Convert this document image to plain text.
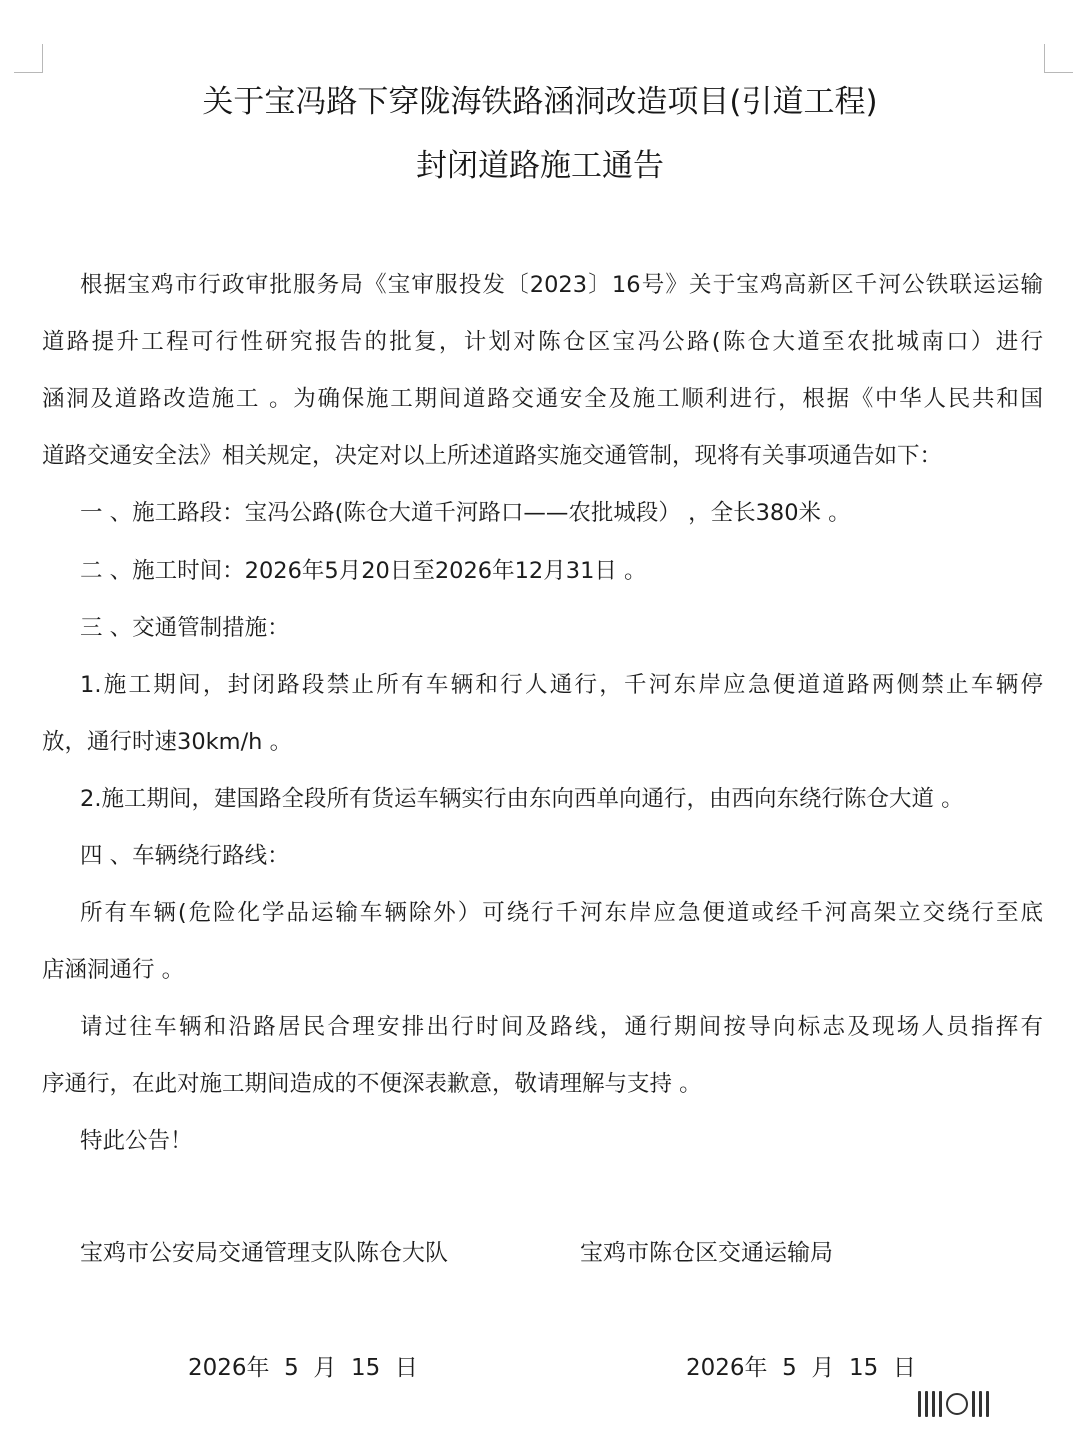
关于宝冯路下穿陇海铁路涵洞改造项目(引道工程)
封闭道路施工通告
根据宝鸡市行政审批服务局《宝审服投发〔2023〕16号》关于宝鸡高新区千河公铁联运运输
道路提升工程可行性研究报告的批复，计划对陈仓区宝冯公路(陈仓大道至农批城南口）进行
涵洞及道路改造施工 。为确保施工期间道路交通安全及施工顺利进行，根据《中华人民共和国
道路交通安全法》相关规定，决定对以上所述道路实施交通管制，现将有关事项通告如下：
一 、施工路段：宝冯公路(陈仓大道千河路口——农批城段） ，全长380米 。
二 、施工时间：2026年5月20日至2026年12月31日 。
三 、交通管制措施：
1.施工期间，封闭路段禁止所有车辆和行人通行，千河东岸应急便道道路两侧禁止车辆停
放，通行时速30km/h 。
2.施工期间，建国路全段所有货运车辆实行由东向西单向通行，由西向东绕行陈仓大道 。
四 、车辆绕行路线：
所有车辆(危险化学品运输车辆除外）可绕行千河东岸应急便道或经千河高架立交绕行至底
店涵洞通行 。
请过往车辆和沿路居民合理安排出行时间及路线，通行期间按导向标志及现场人员指挥有
序通行，在此对施工期间造成的不便深表歉意，敬请理解与支持 。
特此公告！
宝鸡市公安局交通管理支队陈仓大队	宝鸡市陈仓区交通运输局
2026年  5  月  15  日	2026年  5  月  15  日
